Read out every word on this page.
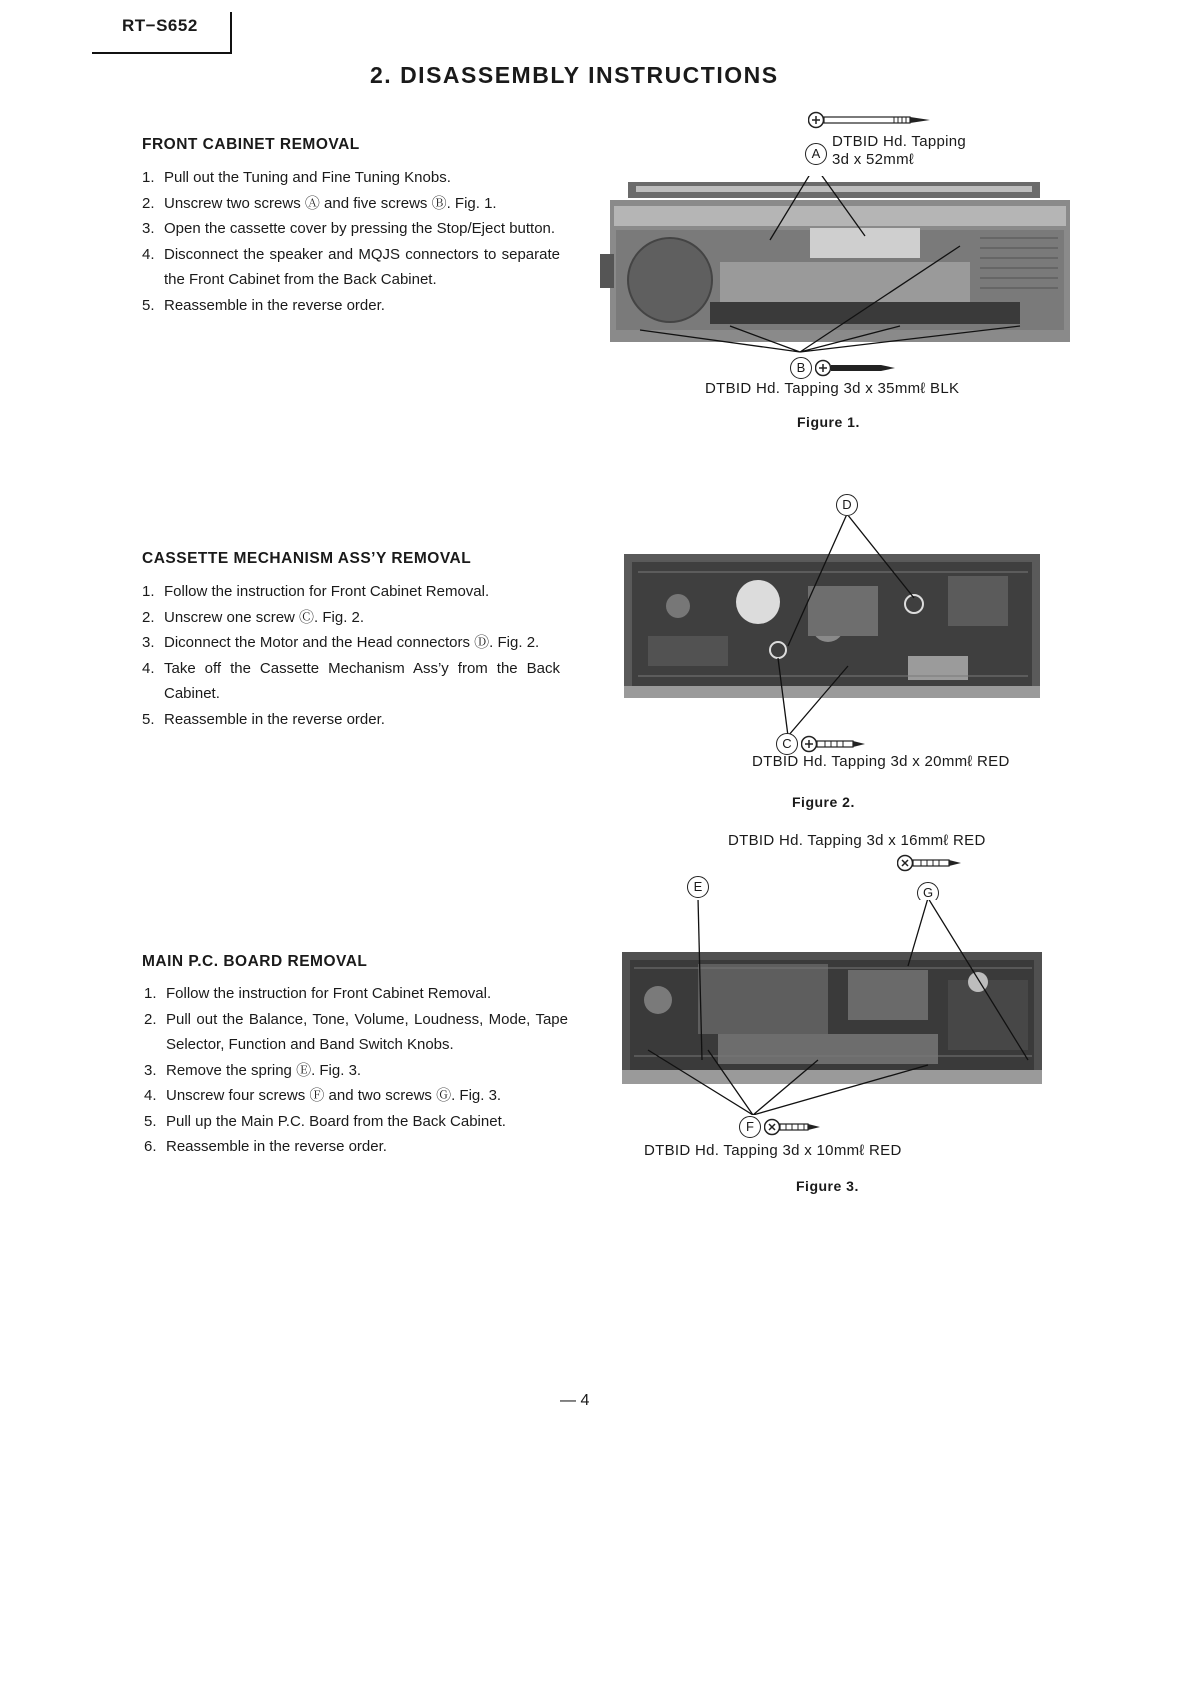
RT−S652
2. DISASSEMBLY INSTRUCTIONS
FRONT CABINET REMOVAL
1. Pull out the Tuning and Fine Tuning Knobs.
2. Unscrew two screws Ⓐ and five screws Ⓑ. Fig. 1.
3. Open the cassette cover by pressing the Stop/Eject button.
4. Disconnect the speaker and MQJS connectors to separate the Front Cabinet from the Back Cabinet.
5. Reassemble in the reverse order.
A
DTBID Hd. Tapping
3d x 52mmℓ
B
DTBID Hd. Tapping 3d x 35mmℓ BLK
Figure 1.
CASSETTE MECHANISM ASS’Y REMOVAL
1. Follow the instruction for Front Cabinet Removal.
2. Unscrew one screw Ⓒ. Fig. 2.
3. Diconnect the Motor and the Head connectors Ⓓ. Fig. 2.
4. Take off the Cassette Mechanism Ass’y from the Back Cabinet.
5. Reassemble in the reverse order.
D
C
DTBID Hd. Tapping 3d x 20mmℓ RED
Figure 2.
DTBID Hd. Tapping 3d x 16mmℓ RED
MAIN P.C. BOARD REMOVAL
1. Follow the instruction for Front Cabinet Removal.
2. Pull out the Balance, Tone, Volume, Loudness, Mode, Tape Selector, Function and Band Switch Knobs.
3. Remove the spring Ⓔ. Fig. 3.
4. Unscrew four screws Ⓕ and two screws Ⓖ. Fig. 3.
5. Pull up the Main P.C. Board from the Back Cabinet.
6. Reassemble in the reverse order.
E	G
F
DTBID Hd. Tapping 3d x 10mmℓ RED
Figure 3.
— 4
